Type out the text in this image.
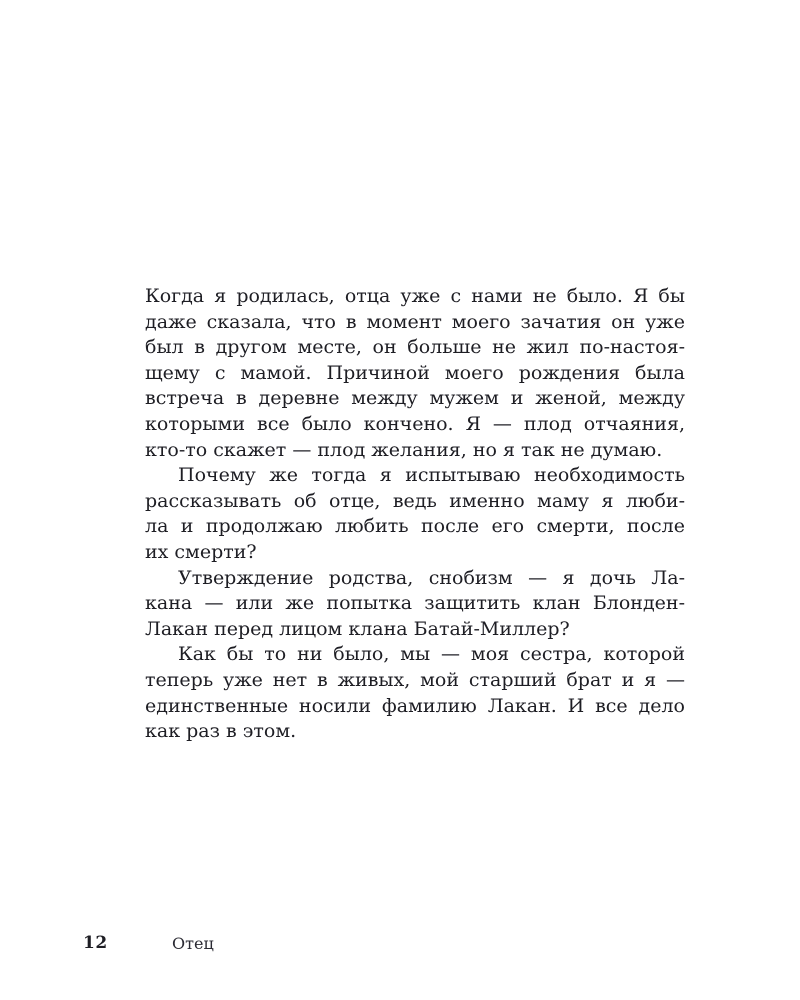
Когда я родилась, отца уже с нами не было. Я бы
даже сказала, что в момент моего зачатия он уже
был в другом месте, он больше не жил по-настоя-
щему с мамой. Причиной моего рождения была
встреча в деревне между мужем и женой, между
которыми все было кончено. Я — плод отчаяния,
кто-то скажет — плод желания, но я так не думаю.
Почему же тогда я испытываю необходимость
рассказывать об отце, ведь именно маму я люби-
ла и продолжаю любить после его смерти, после
их смерти?
Утверждение родства, снобизм — я дочь Ла-
кана — или же попытка защитить клан Блонден-
Лакан перед лицом клана Батай-Миллер?
Как бы то ни было, мы — моя сестра, которой
теперь уже нет в живых, мой старший брат и я —
единственные носили фамилию Лакан. И все дело
как раз в этом.
12	Отец
